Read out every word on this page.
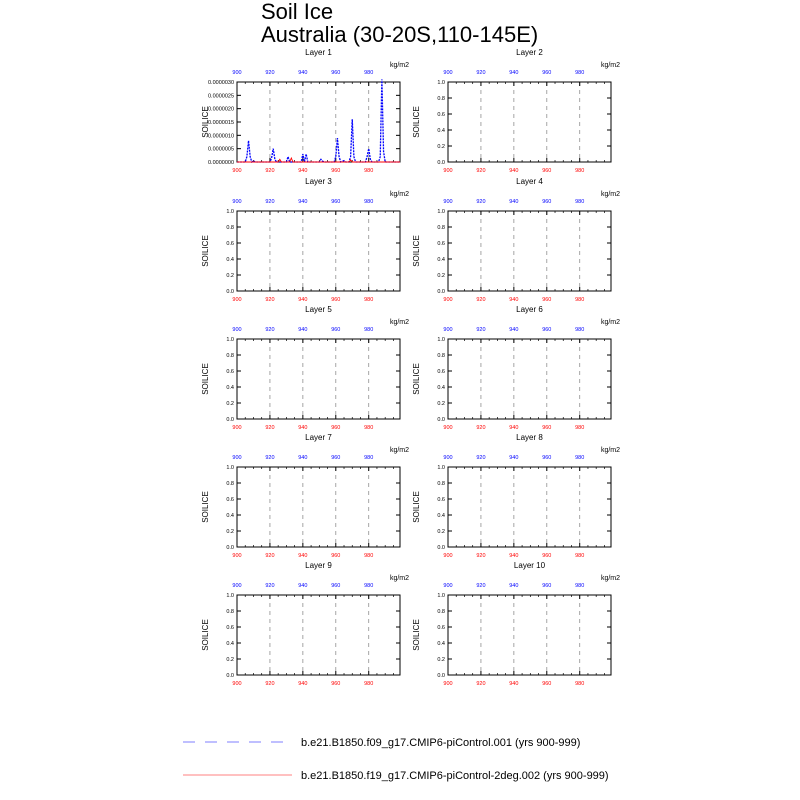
Soil Ice
Australia (30-20S,110-145E)
Layer 1
kg/m2
SOILICE
900
900
920
920
940
940
960
960
980
980
0.0000000
0.0000005
0.0000010
0.0000015
0.0000020
0.0000025
0.0000030
Layer 2
kg/m2
SOILICE
900
900
920
920
940
940
960
960
980
980
0.0
0.2
0.4
0.6
0.8
1.0
Layer 3
kg/m2
SOILICE
900
900
920
920
940
940
960
960
980
980
0.0
0.2
0.4
0.6
0.8
1.0
Layer 4
kg/m2
SOILICE
900
900
920
920
940
940
960
960
980
980
0.0
0.2
0.4
0.6
0.8
1.0
Layer 5
kg/m2
SOILICE
900
900
920
920
940
940
960
960
980
980
0.0
0.2
0.4
0.6
0.8
1.0
Layer 6
kg/m2
SOILICE
900
900
920
920
940
940
960
960
980
980
0.0
0.2
0.4
0.6
0.8
1.0
Layer 7
kg/m2
SOILICE
900
900
920
920
940
940
960
960
980
980
0.0
0.2
0.4
0.6
0.8
1.0
Layer 8
kg/m2
SOILICE
900
900
920
920
940
940
960
960
980
980
0.0
0.2
0.4
0.6
0.8
1.0
Layer 9
kg/m2
SOILICE
900
900
920
920
940
940
960
960
980
980
0.0
0.2
0.4
0.6
0.8
1.0
Layer 10
kg/m2
SOILICE
900
900
920
920
940
940
960
960
980
980
0.0
0.2
0.4
0.6
0.8
1.0
b.e21.B1850.f09_g17.CMIP6-piControl.001 (yrs 900-999)
b.e21.B1850.f19_g17.CMIP6-piControl-2deg.002 (yrs 900-999)
